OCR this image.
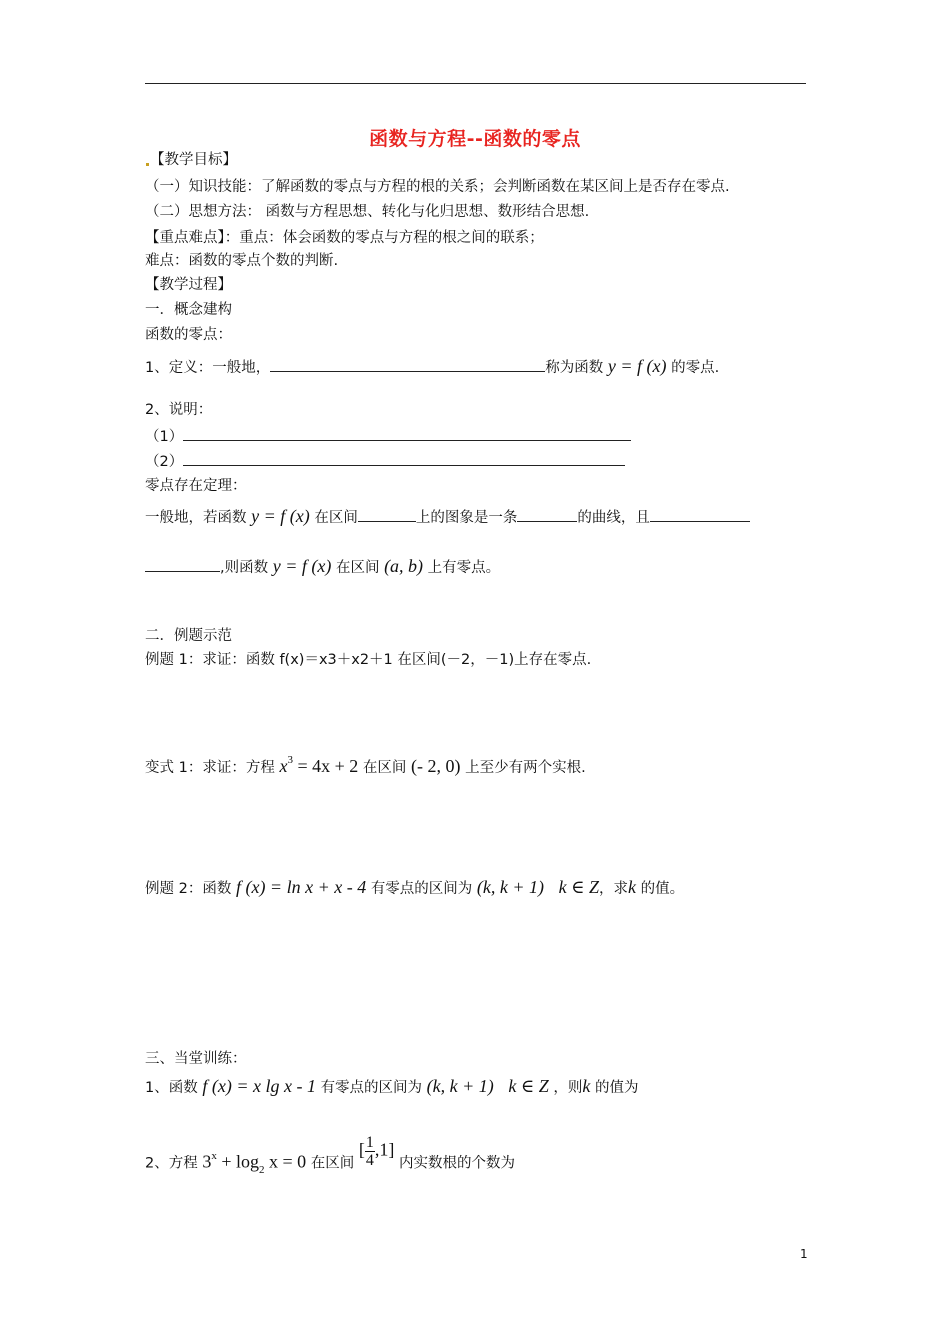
函数与方程--函数的零点
【教学目标】
（一）知识技能：了解函数的零点与方程的根的关系；会判断函数在某区间上是否存在零点.
（二）思想方法： 函数与方程思想、转化与化归思想、数形结合思想.
【重点难点】：重点：体会函数的零点与方程的根之间的联系；
难点：函数的零点个数的判断.
【教学过程】
一．概念建构
函数的零点：
1、定义：一般地，	称为函数 y = f (x) 的零点.
2、说明：
（1）
（2）
零点存在定理：
一般地，若函数 y = f (x) 在区间	上的图象是一条	的曲线，且
,则函数 y = f (x) 在区间 (a, b) 上有零点。
二．例题示范
例题 1：求证：函数 f(x)＝x3＋x2＋1 在区间(－2，－1)上存在零点.
变式 1：求证：方程 $x^3 = 4x + 2$ 在区间 (- 2, 0) 上至少有两个实根.
例题 2：函数 f (x) = ln x + x - 4 有零点的区间为 (k, k + 1) k ∈ Z，求k 的值。
三、当堂训练：
1、函数 f (x) = x lg x - 1 有零点的区间为 (k, k + 1) k ∈ Z ，则k 的值为
2、方程 $3^x + \log_2 x = 0$ 在区间 [ $\frac{1}{4} ,1$] 内实数根的个数为
1
